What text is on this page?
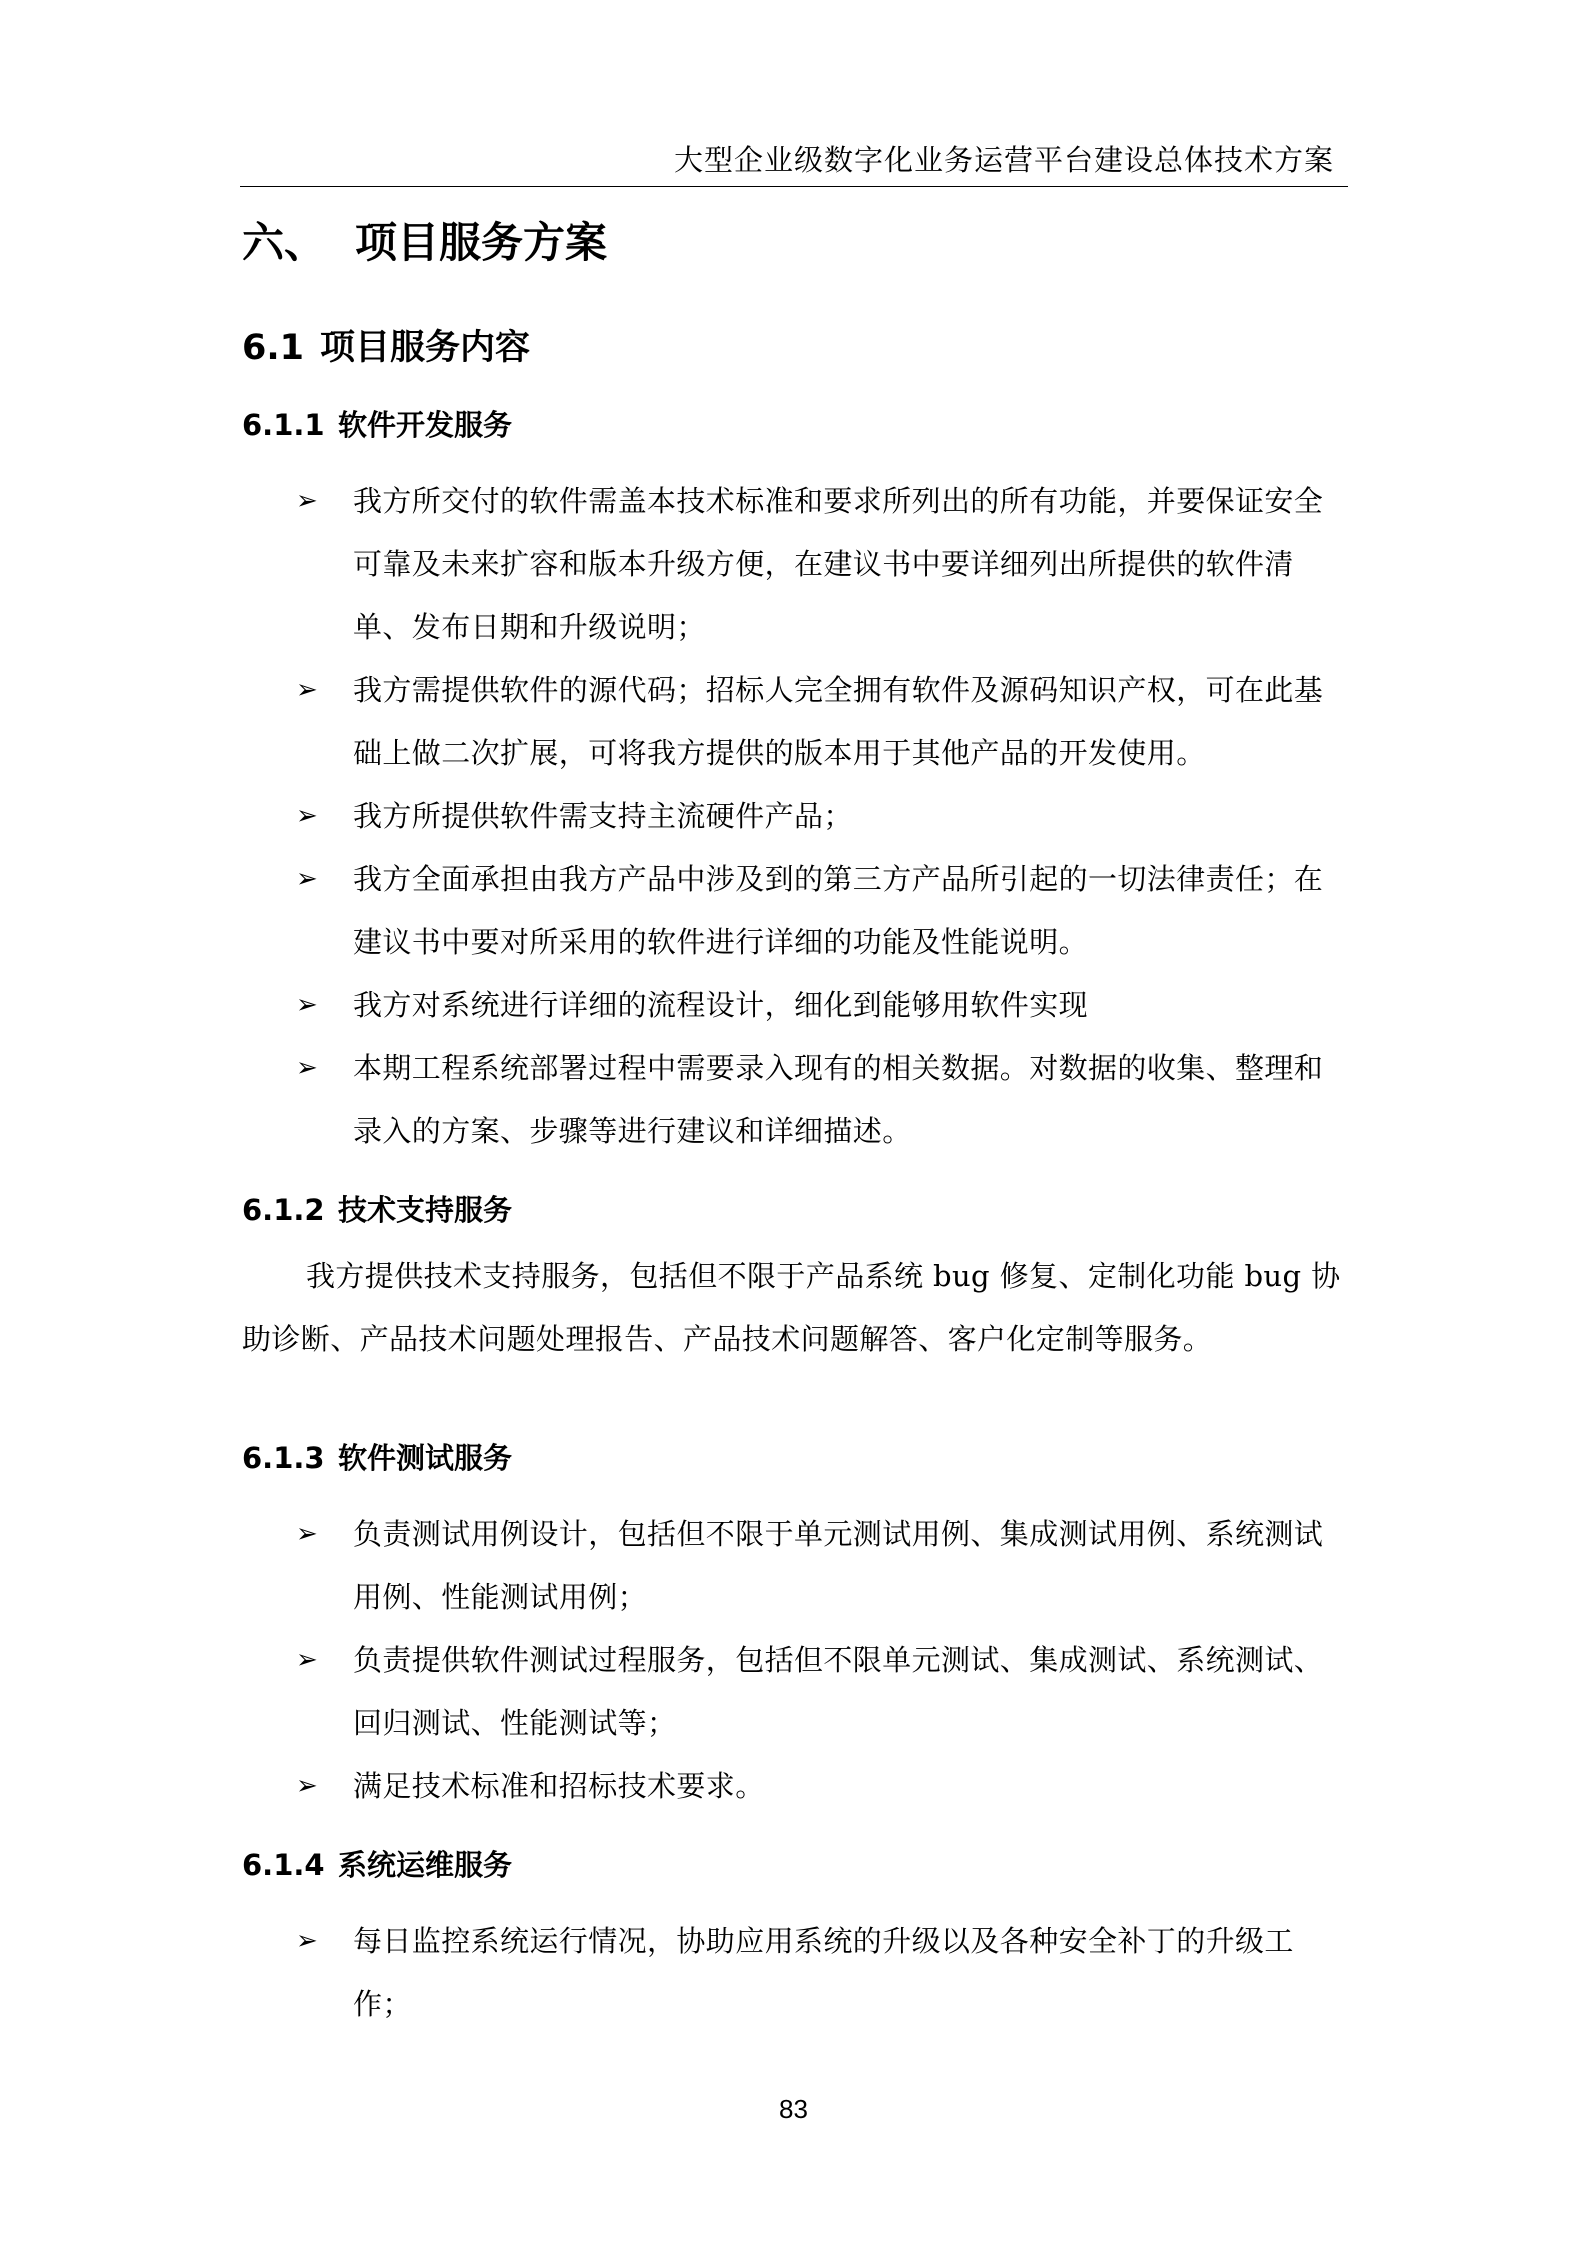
大型企业级数字化业务运营平台建设总体技术方案
六、 项目服务方案
6.1 项目服务内容
6.1.1 软件开发服务
➢ 我方所交付的软件需盖本技术标准和要求所列出的所有功能，并要保证安全可靠及未来扩容和版本升级方便，在建议书中要详细列出所提供的软件清单、发布日期和升级说明；
➢ 我方需提供软件的源代码；招标人完全拥有软件及源码知识产权，可在此基础上做二次扩展，可将我方提供的版本用于其他产品的开发使用。
➢ 我方所提供软件需支持主流硬件产品；
➢ 我方全面承担由我方产品中涉及到的第三方产品所引起的一切法律责任；在建议书中要对所采用的软件进行详细的功能及性能说明。
➢ 我方对系统进行详细的流程设计，细化到能够用软件实现
➢ 本期工程系统部署过程中需要录入现有的相关数据。对数据的收集、整理和录入的方案、步骤等进行建议和详细描述。
6.1.2 技术支持服务

我方提供技术支持服务，包括但不限于产品系统 bug 修复、定制化功能 bug 协助诊断、产品技术问题处理报告、产品技术问题解答、客户化定制等服务。

6.1.3 软件测试服务
➢ 负责测试用例设计，包括但不限于单元测试用例、集成测试用例、系统测试用例、性能测试用例；
➢ 负责提供软件测试过程服务，包括但不限单元测试、集成测试、系统测试、回归测试、性能测试等；
➢ 满足技术标准和招标技术要求。
6.1.4 系统运维服务
➢ 每日监控系统运行情况，协助应用系统的升级以及各种安全补丁的升级工作；
83
